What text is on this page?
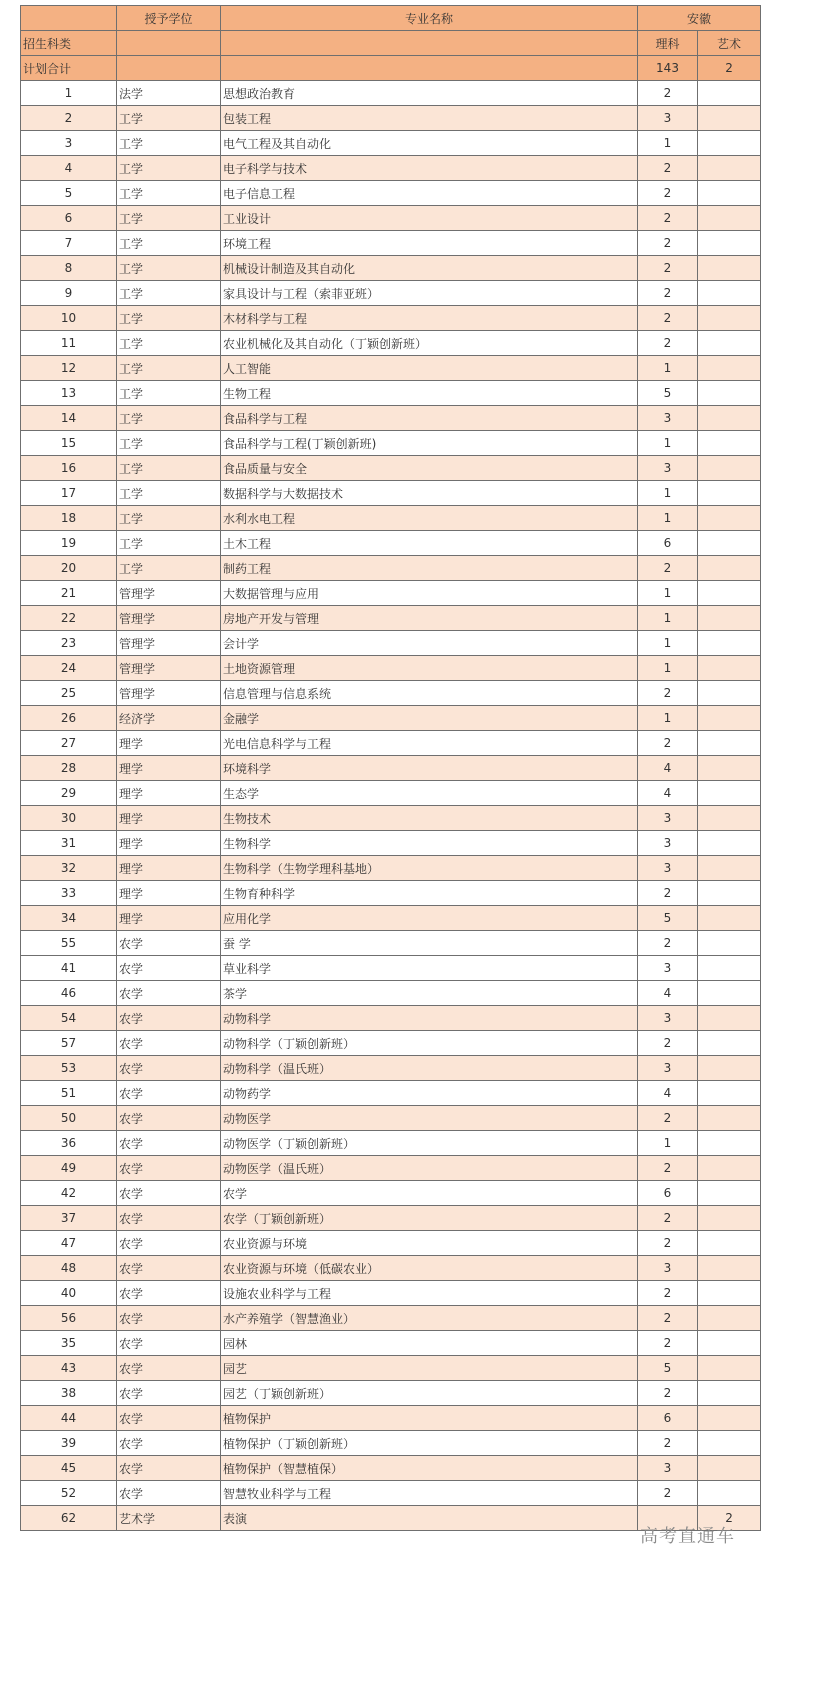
	授予学位	专业名称	安徽	
招生科类			理科	艺术
计划合计			143	2
1	法学	思想政治教育	2	
2	工学	包装工程	3	
3	工学	电气工程及其自动化	1	
4	工学	电子科学与技术	2	
5	工学	电子信息工程	2	
6	工学	工业设计	2	
7	工学	环境工程	2	
8	工学	机械设计制造及其自动化	2	
9	工学	家具设计与工程（索菲亚班）	2	
10	工学	木材科学与工程	2	
11	工学	农业机械化及其自动化（丁颖创新班）	2	
12	工学	人工智能	1	
13	工学	生物工程	5	
14	工学	食品科学与工程	3	
15	工学	食品科学与工程(丁颖创新班)	1	
16	工学	食品质量与安全	3	
17	工学	数据科学与大数据技术	1	
18	工学	水利水电工程	1	
19	工学	土木工程	6	
20	工学	制药工程	2	
21	管理学	大数据管理与应用	1	
22	管理学	房地产开发与管理	1	
23	管理学	会计学	1	
24	管理学	土地资源管理	1	
25	管理学	信息管理与信息系统	2	
26	经济学	金融学	1	
27	理学	光电信息科学与工程	2	
28	理学	环境科学	4	
29	理学	生态学	4	
30	理学	生物技术	3	
31	理学	生物科学	3	
32	理学	生物科学（生物学理科基地）	3	
33	理学	生物育种科学	2	
34	理学	应用化学	5	
55	农学	蚕 学	2	
41	农学	草业科学	3	
46	农学	茶学	4	
54	农学	动物科学	3	
57	农学	动物科学（丁颖创新班）	2	
53	农学	动物科学（温氏班）	3	
51	农学	动物药学	4	
50	农学	动物医学	2	
36	农学	动物医学（丁颖创新班）	1	
49	农学	动物医学（温氏班）	2	
42	农学	农学	6	
37	农学	农学（丁颖创新班）	2	
47	农学	农业资源与环境	2	
48	农学	农业资源与环境（低碳农业）	3	
40	农学	设施农业科学与工程	2	
56	农学	水产养殖学（智慧渔业）	2	
35	农学	园林	2	
43	农学	园艺	5	
38	农学	园艺（丁颖创新班）	2	
44	农学	植物保护	6	
39	农学	植物保护（丁颖创新班）	2	
45	农学	植物保护（智慧植保）	3	
52	农学	智慧牧业科学与工程	2	
62	艺术学	表演		2
高考直通车
